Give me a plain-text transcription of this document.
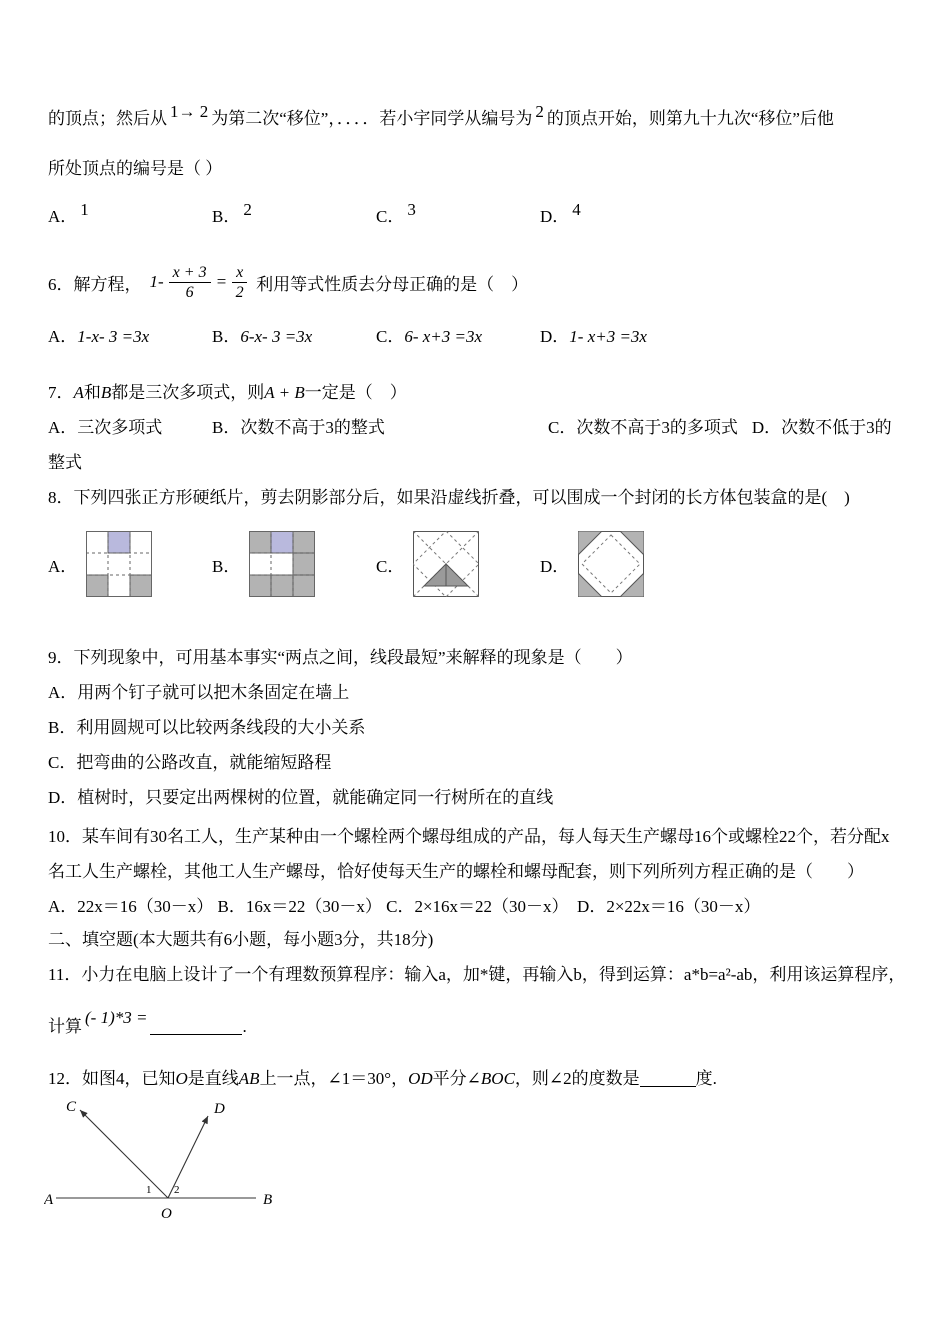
的顶点；然后从 1→ 2 为第二次“移位”，．．．．若小宇同学从编号为 2 的顶点开始，则第九十九次“移位”后他

所处顶点的编号是（ ）

A． 1	B． 2	C． 3	D． 4
6．解方程， $1- \frac{x + 3}{6} = \frac{x}{2}$ 利用等式性质去分母正确的是（　）
A．1-x- 3 =3x	B．6-x- 3 =3x	C．6- x+3 =3x	D．1- x+3 =3x

7．A和B都是三次多项式，则A + B一定是（　）

A．三次多项式	B．次数不高于3的整式	C．次数不高于3的多项式 D．次数不低于3的

整式

8．下列四张正方形硬纸片，剪去阴影部分后，如果沿虚线折叠，可以围成一个封闭的长方体包装盒的是(　)

A．	B．	C．	D．

9．下列现象中，可用基本事实“两点之间，线段最短”来解释的现象是（　　）

A．用两个钉子就可以把木条固定在墙上

B．利用圆规可以比较两条线段的大小关系

C．把弯曲的公路改直，就能缩短路程

D．植树时，只要定出两棵树的位置，就能确定同一行树所在的直线

10．某车间有30名工人，生产某种由一个螺栓两个螺母组成的产品，每人每天生产螺母16个或螺栓22个，若分配x

名工人生产螺栓，其他工人生产螺母，恰好使每天生产的螺栓和螺母配套，则下列所列方程正确的是（　　）

A．22x＝16（30－x） B．16x＝22（30－x） C．2×16x＝22（30－x）　D．2×22x＝16（30－x）

二、填空题(本大题共有6小题，每小题3分，共18分)

11．小力在电脑上设计了一个有理数预算程序：输入a，加*键，再输入b，得到运算：a*b=a²-ab，利用该运算程序，

计算 (- 1)*3 =	.

12．如图4，已知O是直线AB上一点，∠1＝30°，OD平分∠BOC，则∠2的度数是	度.

A	B
O
C	D
1 2
